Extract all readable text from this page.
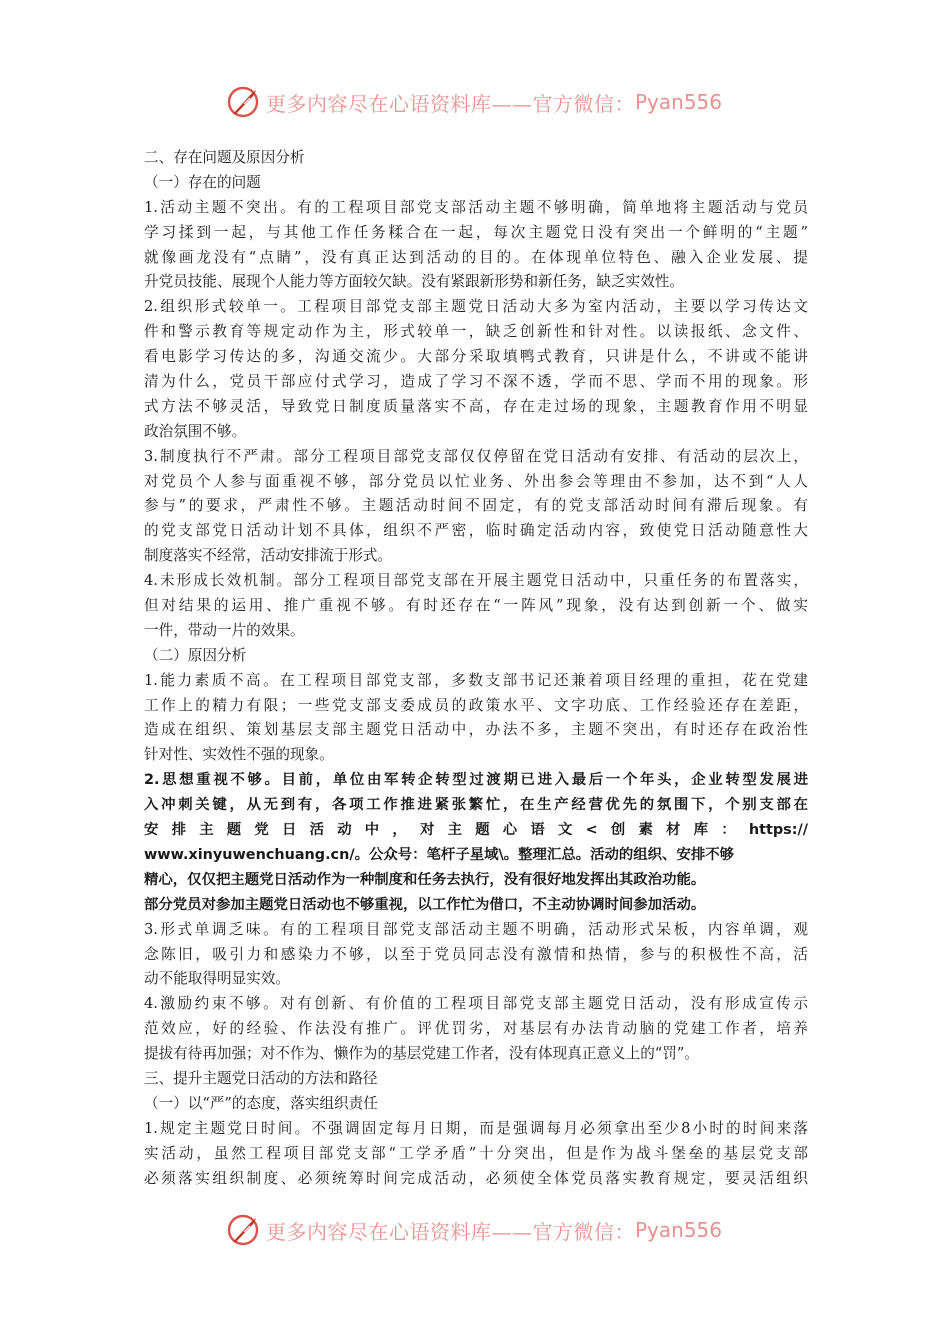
更多内容尽在心语资料库——官方微信： Pyan556
二、存在问题及原因分析
（一）存在的问题
1.活动主题不突出。有的工程项目部党支部活动主题不够明确，简单地将主题活动与党员
学习揉到一起，与其他工作任务糅合在一起，每次主题党日没有突出一个鲜明的“主题”
就像画龙没有“点睛”，没有真正达到活动的目的。在体现单位特色、融入企业发展、提
升党员技能、展现个人能力等方面较欠缺。没有紧跟新形势和新任务，缺乏实效性。
2.组织形式较单一。工程项目部党支部主题党日活动大多为室内活动，主要以学习传达文
件和警示教育等规定动作为主，形式较单一，缺乏创新性和针对性。以读报纸、念文件、
看电影学习传达的多，沟通交流少。大部分采取填鸭式教育，只讲是什么，不讲或不能讲
清为什么，党员干部应付式学习，造成了学习不深不透，学而不思、学而不用的现象。形
式方法不够灵活，导致党日制度质量落实不高，存在走过场的现象，主题教育作用不明显
政治氛围不够。
3.制度执行不严肃。部分工程项目部党支部仅仅停留在党日活动有安排、有活动的层次上，
对党员个人参与面重视不够，部分党员以忙业务、外出参会等理由不参加，达不到“人人
参与”的要求，严肃性不够。主题活动时间不固定，有的党支部活动时间有滞后现象。有
的党支部党日活动计划不具体，组织不严密，临时确定活动内容，致使党日活动随意性大
制度落实不经常，活动安排流于形式。
4.未形成长效机制。部分工程项目部党支部在开展主题党日活动中，只重任务的布置落实，
但对结果的运用、推广重视不够。有时还存在“一阵风”现象，没有达到创新一个、做实
一件，带动一片的效果。
（二）原因分析
1.能力素质不高。在工程项目部党支部，多数支部书记还兼着项目经理的重担，花在党建
工作上的精力有限；一些党支部支委成员的政策水平、文字功底、工作经验还存在差距，
造成在组织、策划基层支部主题党日活动中，办法不多，主题不突出，有时还存在政治性
针对性、实效性不强的现象。
2.思想重视不够。目前，单位由军转企转型过渡期已进入最后一个年头，企业转型发展进
入冲刺关键，从无到有，各项工作推进紧张繁忙，在生产经营优先的氛围下，个别支部在
安排主题党日活动中，对主题心语文<创素材库：https://
www.xinyuwenchuang.cn/。公众号：笔杆子星域\。整理汇总。活动的组织、安排不够
精心，仅仅把主题党日活动作为一种制度和任务去执行，没有很好地发挥出其政治功能。
部分党员对参加主题党日活动也不够重视，以工作忙为借口，不主动协调时间参加活动。
3.形式单调乏味。有的工程项目部党支部活动主题不明确，活动形式呆板，内容单调，观
念陈旧，吸引力和感染力不够，以至于党员同志没有激情和热情，参与的积极性不高，活
动不能取得明显实效。
4.激励约束不够。对有创新、有价值的工程项目部党支部主题党日活动，没有形成宣传示
范效应，好的经验、作法没有推广。评优罚劣，对基层有办法肯动脑的党建工作者，培养
提拔有待再加强；对不作为、懒作为的基层党建工作者，没有体现真正意义上的“罚”。
三、提升主题党日活动的方法和路径
（一）以“严”的态度，落实组织责任
1.规定主题党日时间。不强调固定每月日期，而是强调每月必须拿出至少8小时的时间来落
实活动，虽然工程项目部党支部“工学矛盾”十分突出，但是作为战斗堡垒的基层党支部
必须落实组织制度、必须统筹时间完成活动，必须使全体党员落实教育规定，要灵活组织
更多内容尽在心语资料库——官方微信： Pyan556
